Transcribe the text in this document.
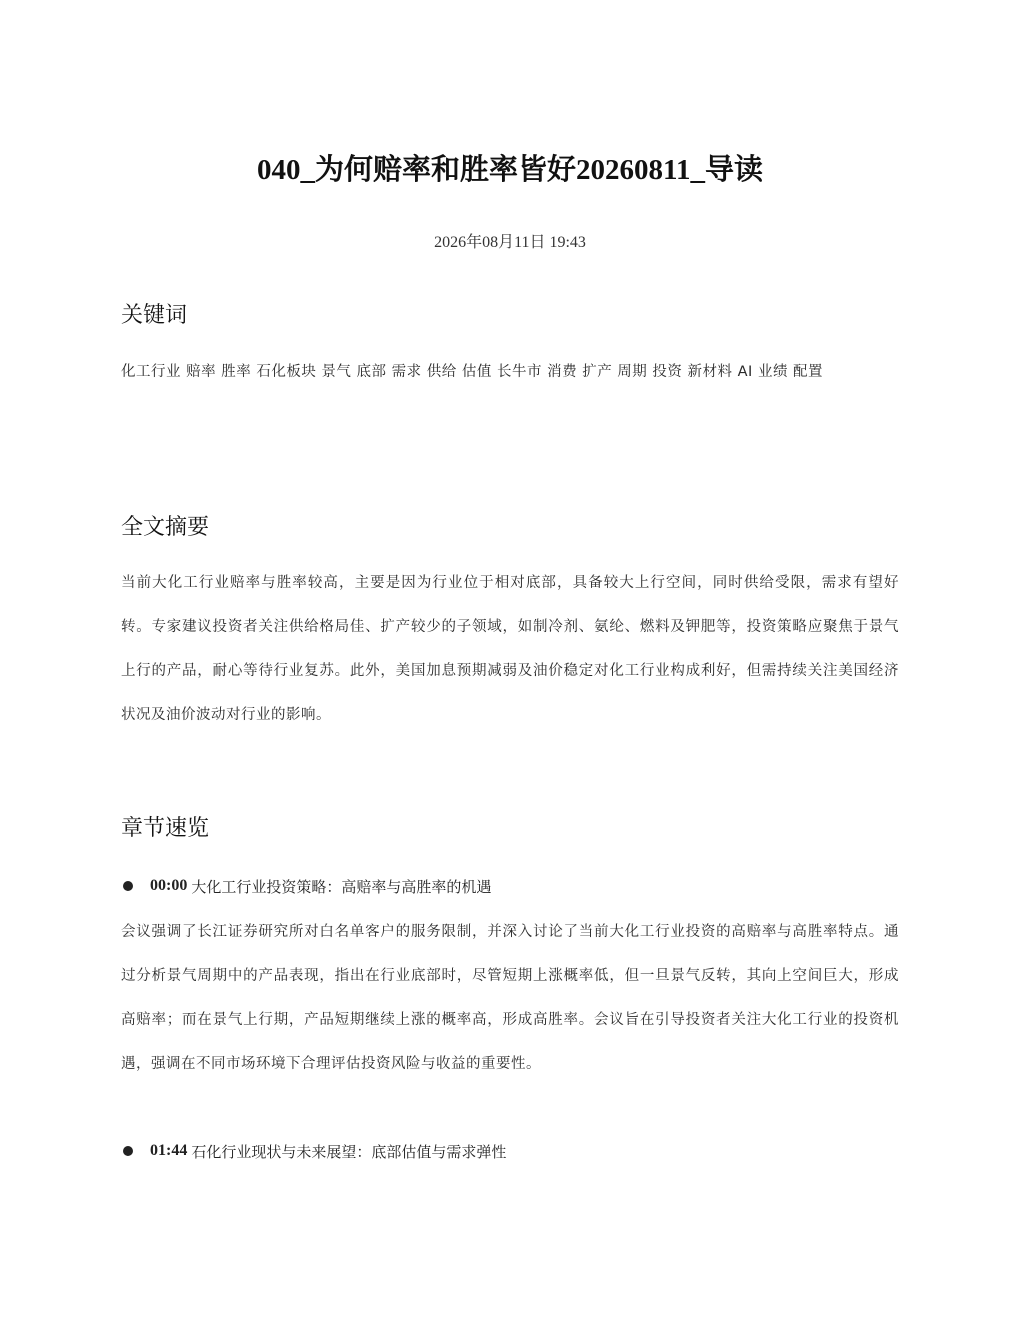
040_为何赔率和胜率皆好20260811_导读
2026年08月11日 19:43
关键词
化工行业 赔率 胜率 石化板块 景气 底部 需求 供给 估值 长牛市 消费 扩产 周期 投资 新材料 AI 业绩 配置
全文摘要
当前大化工行业赔率与胜率较高，主要是因为行业位于相对底部，具备较大上行空间，同时供给受限，需求有望好转。专家建议投资者关注供给格局佳、扩产较少的子领域，如制冷剂、氨纶、燃料及钾肥等，投资策略应聚焦于景气上行的产品，耐心等待行业复苏。此外，美国加息预期减弱及油价稳定对化工行业构成利好，但需持续关注美国经济状况及油价波动对行业的影响。
章节速览
00:00 大化工行业投资策略：高赔率与高胜率的机遇
会议强调了长江证券研究所对白名单客户的服务限制，并深入讨论了当前大化工行业投资的高赔率与高胜率特点。通过分析景气周期中的产品表现，指出在行业底部时，尽管短期上涨概率低，但一旦景气反转，其向上空间巨大，形成高赔率；而在景气上行期，产品短期继续上涨的概率高，形成高胜率。会议旨在引导投资者关注大化工行业的投资机遇，强调在不同市场环境下合理评估投资风险与收益的重要性。
01:44 石化行业现状与未来展望：底部估值与需求弹性
